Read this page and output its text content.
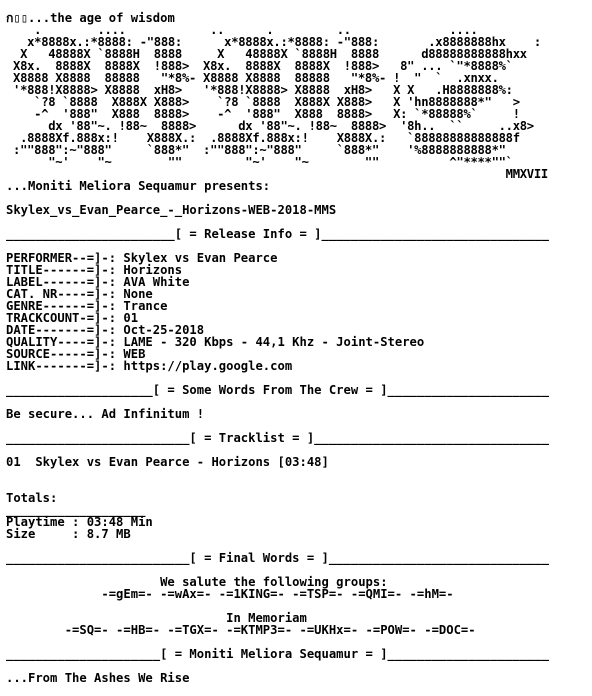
ก▯▯...the age of wisdom
.        ....            ..      .         ..              ....
x*8888x.:*8888: -"888:      x*8888x.:*8888: -"888:       .x8888888hx    :
X   48888X `8888H  8888     X   48888X `8888H  8888      d88888888888hxx
X8x.  8888X  8888X  !888>  X8x.  8888X  8888X  !888>   8" ... `"*8888%`
X8888 X8888  88888   "*8%- X8888 X8888  88888   "*8%- !  "  `  .xnxx.
'*888!X8888> X8888  xH8>   '*888!X8888> X8888  xH8>   X X   .H8888888%:
`?8 `8888  X888X X888>    `?8 `8888  X888X X888>   X 'hn8888888*"   >
-^  '888"  X888  8888>    -^  '888"  X888  8888>   X: `*88888%`     !
dx '88"~. !88~  8888>      dx '88"~. !88~  8888>  '8h..  ``     ..x8>
.8888Xf.888x:!    X888X.:  .8888Xf.888x:!    X888X.:   `88888888888888f
:""888":~"888"     `888*"  :""888":~"888"     `888*"    '%8888888888*"
"~'    "~        ""         "~'    "~        ""          ^"****""`
MMXVII
...Moniti Meliora Sequamur presents:
Skylex_vs_Evan_Pearce_-_Horizons-WEB-2018-MMS
_______________________[ = Release Info = ]_______________________________
PERFORMER--=]-: Skylex vs Evan Pearce
TITLE------=]-: Horizons
LABEL------=]-: AVA White
CAT. NR----=]-: None
GENRE------=]-: Trance
TRACKCOUNT-=]-: 01
DATE-------=]-: Oct-25-2018
QUALITY----=]-: LAME - 320 Kbps - 44,1 Khz - Joint-Stereo
SOURCE-----=]-: WEB
LINK-------=]-: https://play.google.com
____________________[ = Some Words From The Crew = ]______________________
Be secure... Ad Infinitum !
_________________________[ = Tracklist = ]________________________________
01  Skylex vs Evan Pearce - Horizons [03:48]
Totals:
___________________
Playtime : 03:48 Min
Size     : 8.7 MB
_________________________[ = Final Words = ]______________________________
We salute the following groups:
-=gEm=- -=wAx=- -=1KING=- -=TSP=- -=QMI=- -=hM=-
In Memoriam
-=SQ=- -=HB=- -=TGX=- -=KTMP3=- -=UKHx=- -=POW=- -=DOC=-
_____________________[ = Moniti Meliora Sequamur = ]______________________
...From The Ashes We Rise
